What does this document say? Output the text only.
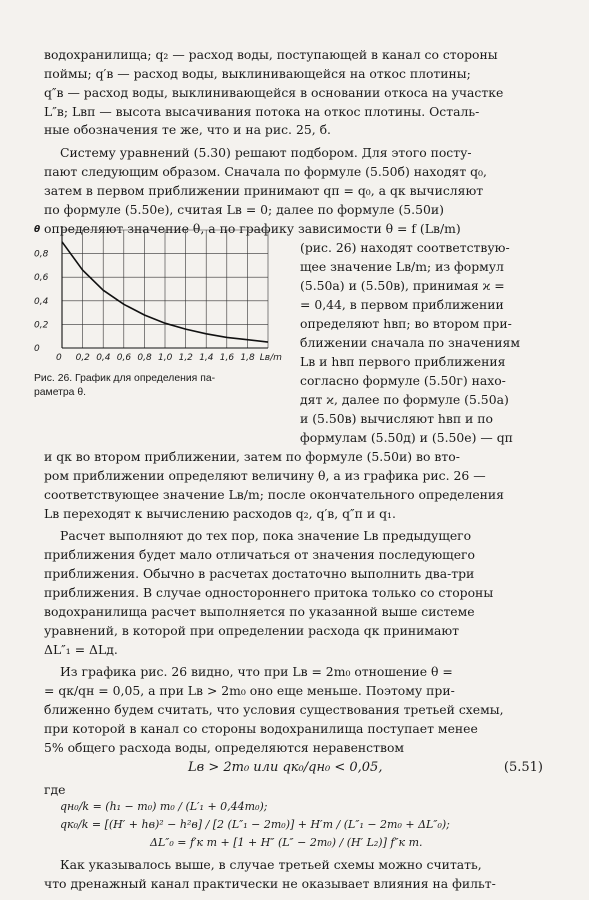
водохранилища; q₂ — расход воды, поступающей в канал со стороны
поймы; q′в — расход воды, выклинивающейся на откос плотины;
q″в — расход воды, выклинивающейся в основании откоса на участке
L″в; Lвп — высота высачивания потока на откос плотины. Осталь-
ные обозначения те же, что и на рис. 25, б.
Систему уравнений (5.30) решают подбором. Для этого посту-
пают следующим образом. Сначала по формуле (5.50б) находят q₀,
затем в первом приближении принимают qп = q₀, а qк вычисляют
по формуле (5.50е), считая Lв = 0; далее по формуле (5.50и)
определяют значение θ, а по графику зависимости θ = f (Lв/m)
0,8
0,6
0,4
0,2
0
θ
0,2 0,4 0,6 0,8 1,0 1,2 1,4 1,6 1,8
0	Lв/m
Рис. 26. График для определения па-
раметра θ.
(рис. 26) находят соответствую-
щее значение Lв/m; из формул
(5.50а) и (5.50в), принимая ϰ =
= 0,44, в первом приближении
определяют hвп; во втором при-
ближении сначала по значениям
Lв и hвп первого приближения
согласно формуле (5.50г) нахо-
дят ϰ, далее по формуле (5.50а)
и (5.50в) вычисляют hвп и по
формулам (5.50д) и (5.50е) — qп
и qк во втором приближении, затем по формуле (5.50и) во вто-
ром приближении определяют величину θ, а из графика рис. 26 —
соответствующее значение Lв/m; после окончательного определения
Lв переходят к вычислению расходов q₂, q′в, q″п и q₁.
Расчет выполняют до тех пор, пока значение Lв предыдущего
приближения будет мало отличаться от значения последующего
приближения. Обычно в расчетах достаточно выполнить два-три
приближения. В случае одностороннего притока только со стороны
водохранилища расчет выполняется по указанной выше системе
уравнений, в которой при определении расхода qк принимают
ΔL″₁ = ΔLд.
Из графика рис. 26 видно, что при Lв = 2m₀ отношение θ =
= qк/qн = 0,05, а при Lв > 2m₀ оно еще меньше. Поэтому при-
ближенно будем считать, что условия существования третьей схемы,
при которой в канал со стороны водохранилища поступает менее
5% общего расхода воды, определяются неравенством
Lв > 2m₀ или qк₀/qн₀ < 0,05,	(5.51)
где
qн₀/k = (h₁ − m₀) m₀ / (L′₁ + 0,44m₀);
qк₀/k = [(H′ + hв)² − h²в] / [2 (L″₁ − 2m₀)] + H′m / (L″₁ − 2m₀ + ΔL″₀);
ΔL″₀ = f′к m + [1 + H″ (L″ − 2m₀) / (H′ L₂)] f″к m.
Как указывалось выше, в случае третьей схемы можно считать,
что дренажный канал практически не оказывает влияния на фильт-
